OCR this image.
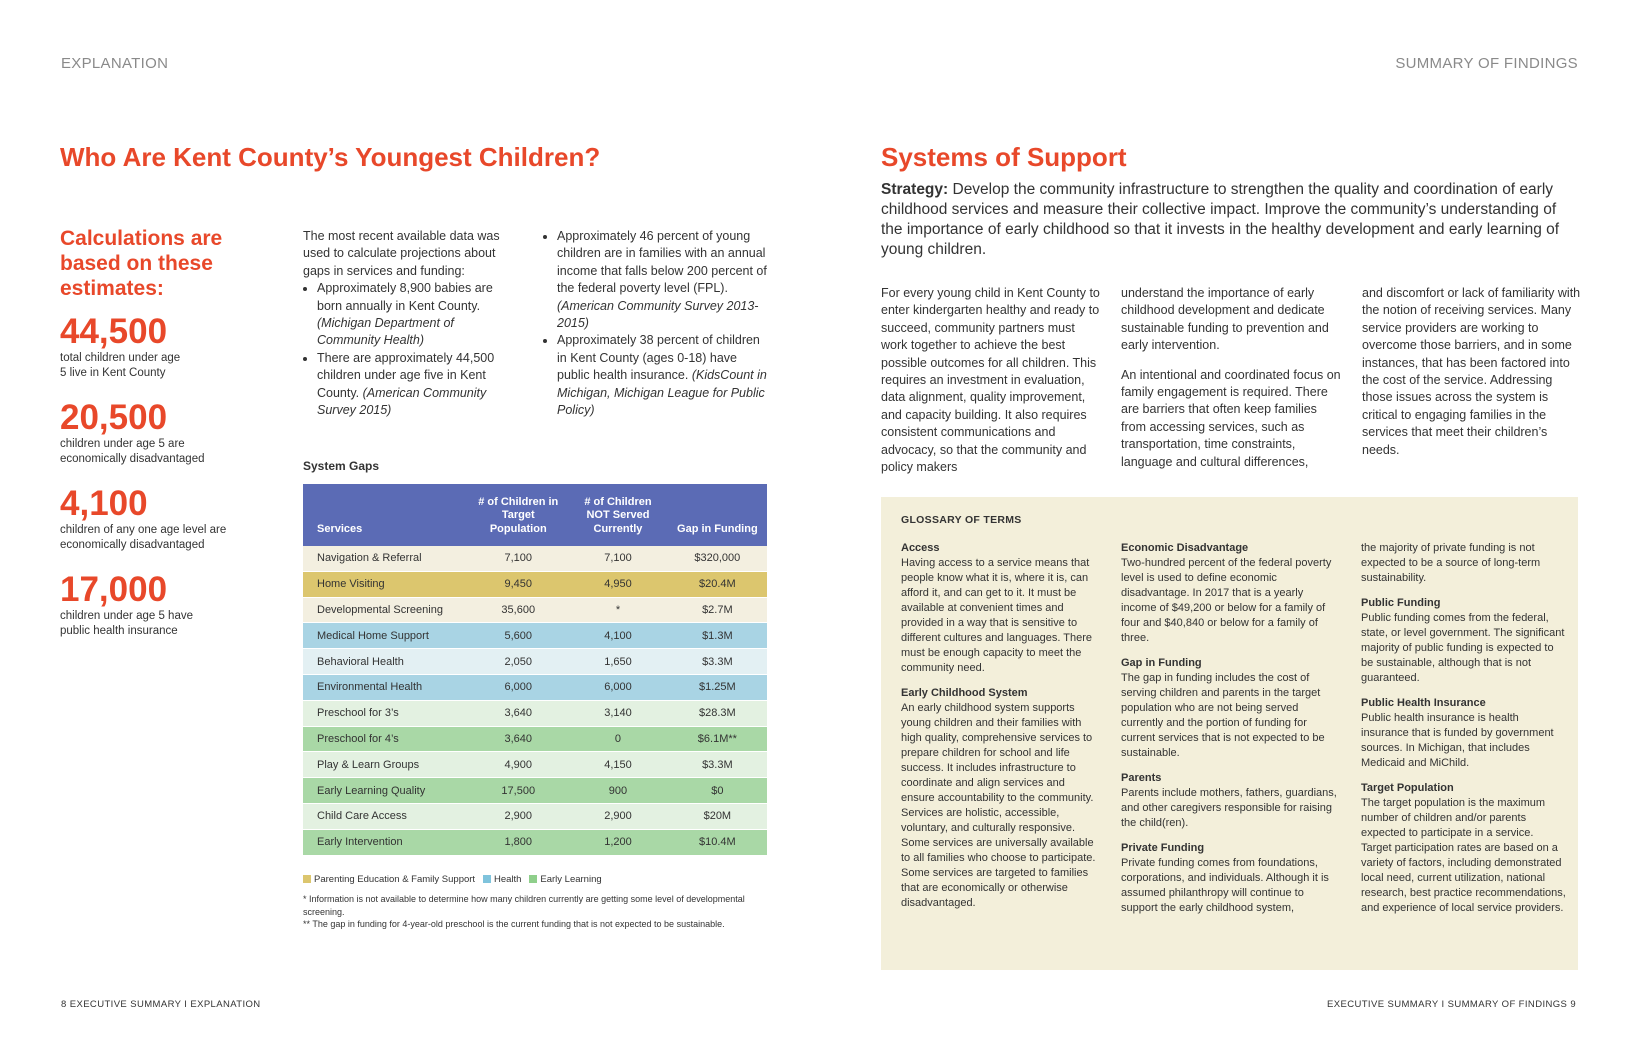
EXPLANATION	SUMMARY OF FINDINGS
Who Are Kent County’s Youngest Children?	Systems of Support
Calculations are
based on these
estimates:
44,500
total children under age
5 live in Kent County
20,500
children under age 5 are
economically disadvantaged
4,100
children of any one age level are
economically disadvantaged
17,000
children under age 5 have
public health insurance
The most recent available data was used to calculate projections about gaps in services and funding:
• Approximately 8,900 babies are born annually in Kent County. (Michigan Department of Community Health)
• There are approximately 44,500 children under age five in Kent County. (American Community Survey 2015)
• Approximately 46 percent of young children are in families with an annual income that falls below 200 percent of the federal poverty level (FPL). (American Community Survey 2013-2015)
• Approximately 38 percent of children in Kent County (ages 0-18) have public health insurance. (KidsCount in Michigan, Michigan League for Public Policy)
System Gaps
Services	# of Children in Target Population	# of Children NOT Served Currently	Gap in Funding
Navigation & Referral	7,100	7,100	$320,000
Home Visiting	9,450	4,950	$20.4M
Developmental Screening	35,600	*	$2.7M
Medical Home Support	5,600	4,100	$1.3M
Behavioral Health	2,050	1,650	$3.3M
Environmental Health	6,000	6,000	$1.25M
Preschool for 3’s	3,640	3,140	$28.3M
Preschool for 4’s	3,640	0	$6.1M**
Play & Learn Groups	4,900	4,150	$3.3M
Early Learning Quality	17,500	900	$0
Child Care Access	2,900	2,900	$20M
Early Intervention	1,800	1,200	$10.4M
Parenting Education & Family Support Health Early Learning
* Information is not available to determine how many children currently are getting some level of developmental screening.
** The gap in funding for 4-year-old preschool is the current funding that is not expected to be sustainable.
Strategy: Develop the community infrastructure to strengthen the quality and coordination of early childhood services and measure their collective impact. Improve the community’s understanding of the importance of early childhood so that it invests in the healthy development and early learning of young children.
For every young child in Kent County to enter kindergarten healthy and ready to succeed, community partners must work together to achieve the best possible outcomes for all children. This requires an investment in evaluation, data alignment, quality improvement, and capacity building. It also requires consistent communications and advocacy, so that the community and policy makers
understand the importance of early childhood development and dedicate sustainable funding to prevention and early intervention.
An intentional and coordinated focus on family engagement is required. There are barriers that often keep families from accessing services, such as transportation, time constraints, language and cultural differences,
and discomfort or lack of familiarity with the notion of receiving services. Many service providers are working to overcome those barriers, and in some instances, that has been factored into the cost of the service. Addressing those issues across the system is critical to engaging families in the services that meet their children’s needs.
GLOSSARY OF TERMS
Access
Having access to a service means that people know what it is, where it is, can afford it, and can get to it. It must be available at convenient times and provided in a way that is sensitive to different cultures and languages. There must be enough capacity to meet the community need.
Early Childhood System
An early childhood system supports young children and their families with high quality, comprehensive services to prepare children for school and life success. It includes infrastructure to coordinate and align services and ensure accountability to the community. Services are holistic, accessible, voluntary, and culturally responsive. Some services are universally available to all families who choose to participate. Some services are targeted to families that are economically or otherwise disadvantaged.
Economic Disadvantage
Two-hundred percent of the federal poverty level is used to define economic disadvantage. In 2017 that is a yearly income of $49,200 or below for a family of four and $40,840 or below for a family of three.
Gap in Funding
The gap in funding includes the cost of serving children and parents in the target population who are not being served currently and the portion of funding for current services that is not expected to be sustainable.
Parents
Parents include mothers, fathers, guardians, and other caregivers responsible for raising the child(ren).
Private Funding
Private funding comes from foundations, corporations, and individuals. Although it is assumed philanthropy will continue to support the early childhood system,
the majority of private funding is not expected to be a source of long-term sustainability.
Public Funding
Public funding comes from the federal, state, or level government. The significant majority of public funding is expected to be sustainable, although that is not guaranteed.
Public Health Insurance
Public health insurance is health insurance that is funded by government sources. In Michigan, that includes Medicaid and MiChild.
Target Population
The target population is the maximum number of children and/or parents expected to participate in a service. Target participation rates are based on a variety of factors, including demonstrated local need, current utilization, national research, best practice recommendations, and experience of local service providers.
8 EXECUTIVE SUMMARY I EXPLANATION	EXECUTIVE SUMMARY I SUMMARY OF FINDINGS 9
